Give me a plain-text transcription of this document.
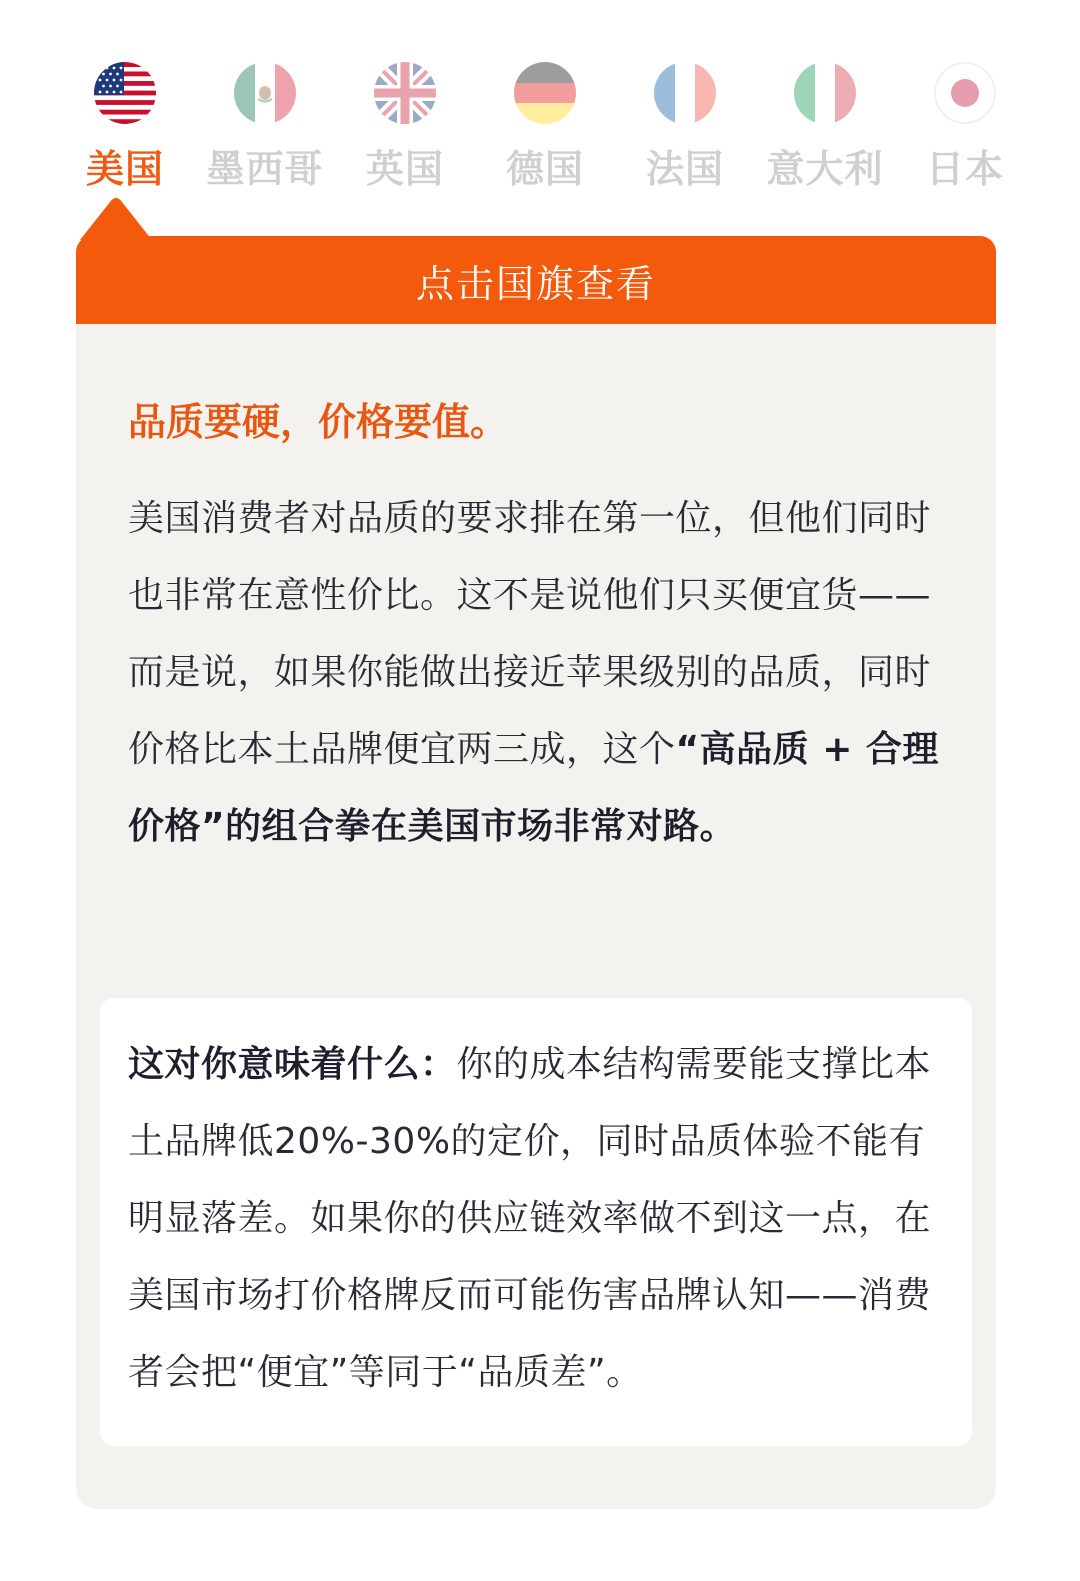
美国	墨西哥	英国	德国	法国	意大利	日本
点击国旗查看
品质要硬，价格要值。
美国消费者对品质的要求排在第一位，但他们同时也非常在意性价比。这不是说他们只买便宜货——而是说，如果你能做出接近苹果级别的品质，同时价格比本土品牌便宜两三成，这个“高品质 + 合理价格”的组合拳在美国市场非常对路。
这对你意味着什么：你的成本结构需要能支撑比本土品牌低20%-30%的定价，同时品质体验不能有明显落差。如果你的供应链效率做不到这一点，在美国市场打价格牌反而可能伤害品牌认知——消费者会把“便宜”等同于“品质差”。
